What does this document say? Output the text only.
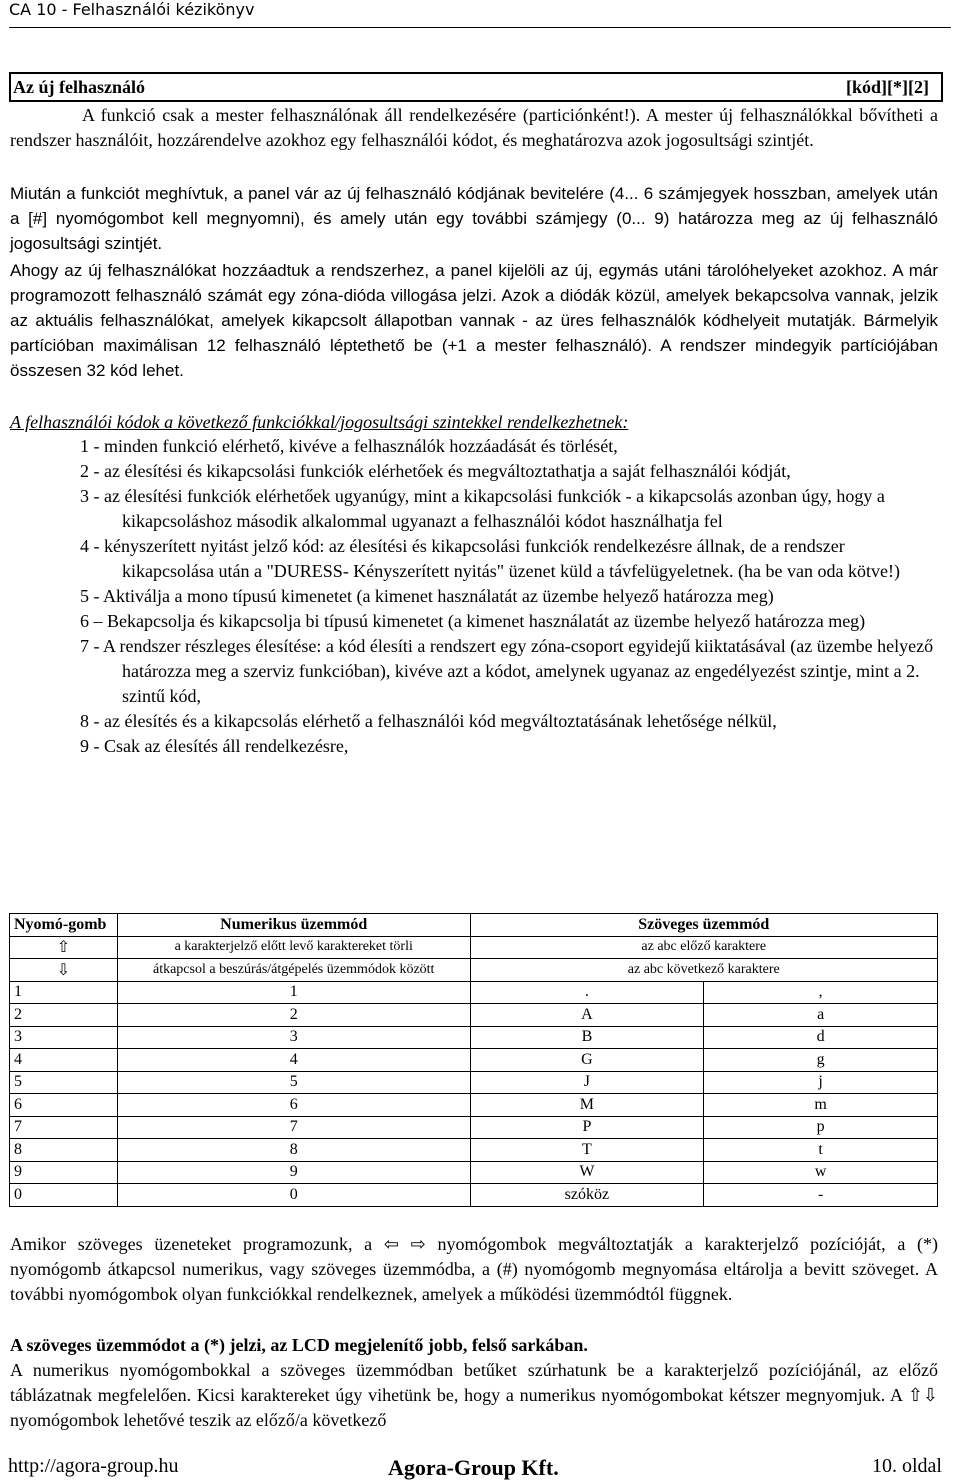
CA 10 - Felhasználói kézikönyv
Az új felhasználó	[kód][*][2]
A funkció csak a mester felhasználónak áll rendelkezésére (particiónként!). A mester új felhasználókkal bővítheti a rendszer használóit, hozzárendelve azokhoz egy felhasználói kódot, és meghatározva azok jogosultsági szintjét.
Miután a funkciót meghívtuk, a panel vár az új felhasználó kódjának bevitelére (4... 6 számjegyek hosszban, amelyek után a [#] nyomógombot kell megnyomni), és amely után egy további számjegy (0... 9) határozza meg az új felhasználó jogosultsági szintjét.
Ahogy az új felhasználókat hozzáadtuk a rendszerhez, a panel kijelöli az új, egymás utáni tárolóhelyeket azokhoz. A már programozott felhasználó számát egy zóna-dióda villogása jelzi. Azok a diódák közül, amelyek bekapcsolva vannak, jelzik az aktuális felhasználókat, amelyek kikapcsolt állapotban vannak - az üres felhasználók kódhelyeit mutatják. Bármelyik partícióban maximálisan 12 felhasználó léptethető be (+1 a mester felhasználó). A rendszer mindegyik partíciójában összesen 32 kód lehet.
A felhasználói kódok a következő funkciókkal/jogosultsági szintekkel rendelkezhetnek:
1 - minden funkció elérhető, kivéve a felhasználók hozzáadását és törlését,
2 - az élesítési és kikapcsolási funkciók elérhetőek és megváltoztathatja a saját felhasználói kódját,
3 - az élesítési funkciók elérhetőek ugyanúgy, mint a kikapcsolási funkciók - a kikapcsolás azonban úgy, hogy a kikapcsoláshoz második alkalommal ugyanazt a felhasználói kódot használhatja fel
4 - kényszerített nyitást jelző kód: az élesítési és kikapcsolási funkciók rendelkezésre állnak, de a rendszer kikapcsolása után a "DURESS- Kényszerített nyitás" üzenet küld a távfelügyeletnek. (ha be van oda kötve!)
5 - Aktiválja a mono típusú kimenetet (a kimenet használatát az üzembe helyező határozza meg)
6 – Bekapcsolja és kikapcsolja bi típusú kimenetet (a kimenet használatát az üzembe helyező határozza meg)
7 - A rendszer részleges élesítése: a kód élesíti a rendszert egy zóna-csoport egyidejű kiiktatásával (az üzembe helyező határozza meg a szerviz funkcióban), kivéve azt a kódot, amelynek ugyanaz az engedélyezést szintje, mint a 2. szintű kód,
8 - az élesítés és a kikapcsolás elérhető a felhasználói kód megváltoztatásának lehetősége nélkül,
9 - Csak az élesítés áll rendelkezésre,
Nyomó-gomb	Numerikus üzemmód	Szöveges üzemmód	
⇧	a karakterjelző előtt levő karaktereket törli	az abc előző karaktere	
⇩	átkapcsol a beszúrás/átgépelés üzemmódok között	az abc következő karaktere	
1	1	.	,
2	2	A	a
3	3	B	d
4	4	G	g
5	5	J	j
6	6	M	m
7	7	P	p
8	8	T	t
9	9	W	w
0	0	szóköz	-
Amikor szöveges üzeneteket programozunk, a ⇦ ⇨ nyomógombok megváltoztatják a karakterjelző pozícióját, a (*) nyomógomb átkapcsol numerikus, vagy szöveges üzemmódba, a (#) nyomógomb megnyomása eltárolja a bevitt szöveget. A további nyomógombok olyan funkciókkal rendelkeznek, amelyek a működési üzemmódtól függnek.
A szöveges üzemmódot a (*) jelzi, az LCD megjelenítő jobb, felső sarkában.
A numerikus nyomógombokkal a szöveges üzemmódban betűket szúrhatunk be a karakterjelző pozíciójánál, az előző táblázatnak megfelelően. Kicsi karaktereket úgy vihetünk be, hogy a numerikus nyomógombokat kétszer megnyomjuk. A ⇧⇩ nyomógombok lehetővé teszik az előző/a következő
http://agora-group.hu	Agora-Group Kft.	10. oldal
